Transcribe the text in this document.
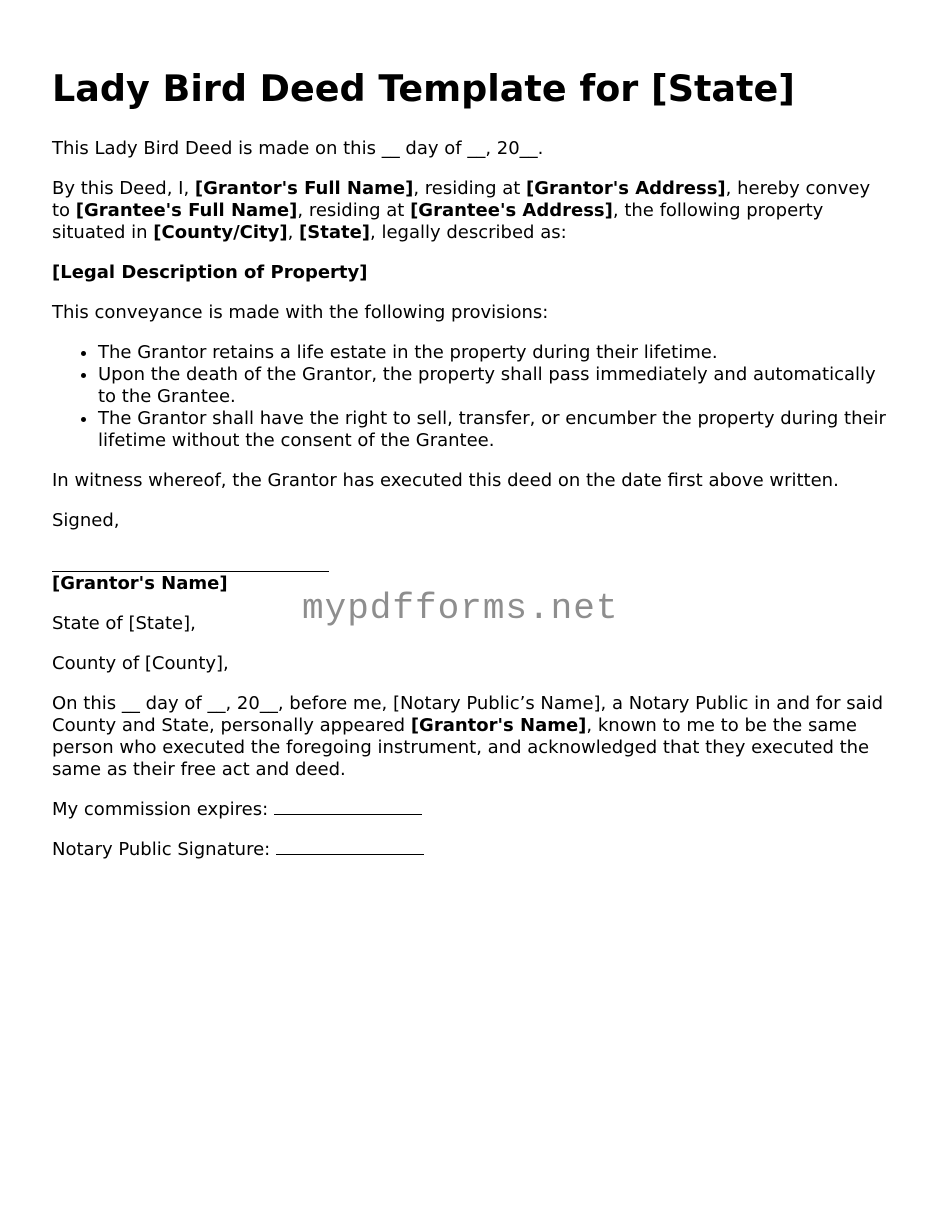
Lady Bird Deed Template for [State]

This Lady Bird Deed is made on this __ day of __, 20__.

By this Deed, I, [Grantor's Full Name], residing at [Grantor's Address], hereby convey to [Grantee's Full Name], residing at [Grantee's Address], the following property situated in [County/City], [State], legally described as:

[Legal Description of Property]

This conveyance is made with the following provisions:

• The Grantor retains a life estate in the property during their lifetime.
• Upon the death of the Grantor, the property shall pass immediately and automatically to the Grantee.
• The Grantor shall have the right to sell, transfer, or encumber the property during their lifetime without the consent of the Grantee.

In witness whereof, the Grantor has executed this deed on the date first above written.

Signed,

[Grantor's Name]

State of [State],

County of [County],

On this __ day of __, 20__, before me, [Notary Public’s Name], a Notary Public in and for said County and State, personally appeared [Grantor's Name], known to me to be the same person who executed the foregoing instrument, and acknowledged that they executed the same as their free act and deed.

My commission expires:

Notary Public Signature:

mypdfforms.net
